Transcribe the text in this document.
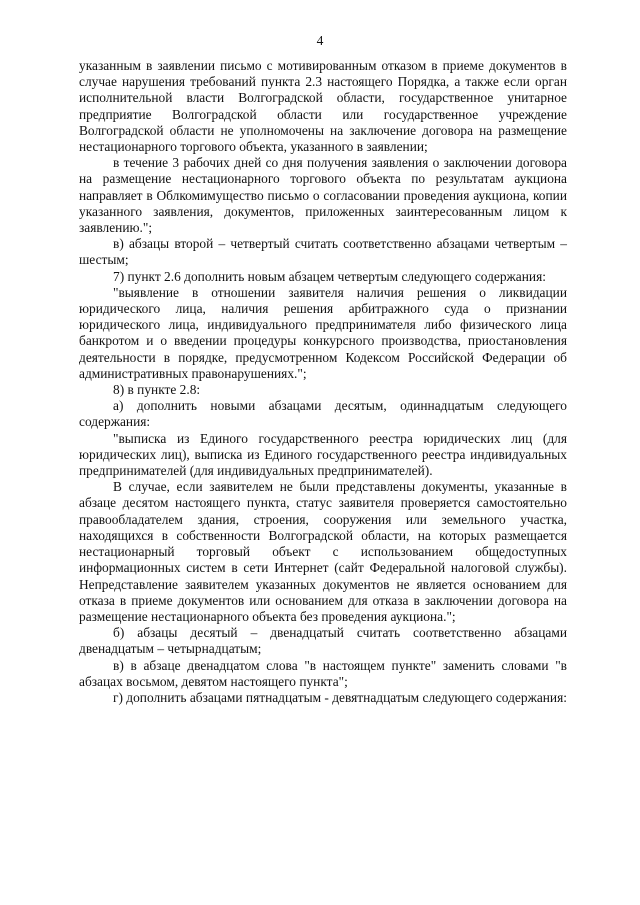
4

указанным в заявлении письмо с мотивированным отказом в приеме документов в случае нарушения требований пункта 2.3 настоящего Порядка, а также если орган исполнительной власти Волгоградской области, государственное унитарное предприятие Волгоградской области или государственное учреждение Волгоградской области не уполномочены на заключение договора на размещение нестационарного торгового объекта, указанного в заявлении;

в течение 3 рабочих дней со дня получения заявления о заключении договора на размещение нестационарного торгового объекта по результатам аукциона направляет в Облкомимущество письмо о согласовании проведения аукциона, копии указанного заявления, документов, приложенных заинтересованным лицом к заявлению.";

в) абзацы второй – четвертый считать соответственно абзацами четвертым – шестым;

7) пункт 2.6 дополнить новым абзацем четвертым следующего содержания:

"выявление в отношении заявителя наличия решения о ликвидации юридического лица, наличия решения арбитражного суда о признании юридического лица, индивидуального предпринимателя либо физического лица банкротом и о введении процедуры конкурсного производства, приостановления деятельности в порядке, предусмотренном Кодексом Российской Федерации об административных правонарушениях.";

8) в пункте 2.8:

а) дополнить новыми абзацами десятым, одиннадцатым следующего содержания:

"выписка из Единого государственного реестра юридических лиц (для юридических лиц), выписка из Единого государственного реестра индивидуальных предпринимателей (для индивидуальных предпринимателей).

В случае, если заявителем не были представлены документы, указанные в абзаце десятом настоящего пункта, статус заявителя проверяется самостоятельно правообладателем здания, строения, сооружения или земельного участка, находящихся в собственности Волгоградской области, на которых размещается нестационарный торговый объект с использованием общедоступных информационных систем в сети Интернет (сайт Федеральной налоговой службы). Непредставление заявителем указанных документов не является основанием для отказа в приеме документов или основанием для отказа в заключении договора на размещение нестационарного объекта без проведения аукциона.";

б) абзацы десятый – двенадцатый считать соответственно абзацами двенадцатым – четырнадцатым;

в) в абзаце двенадцатом слова "в настоящем пункте" заменить словами "в абзацах восьмом, девятом настоящего пункта";

г) дополнить абзацами пятнадцатым - девятнадцатым следующего содержания:
